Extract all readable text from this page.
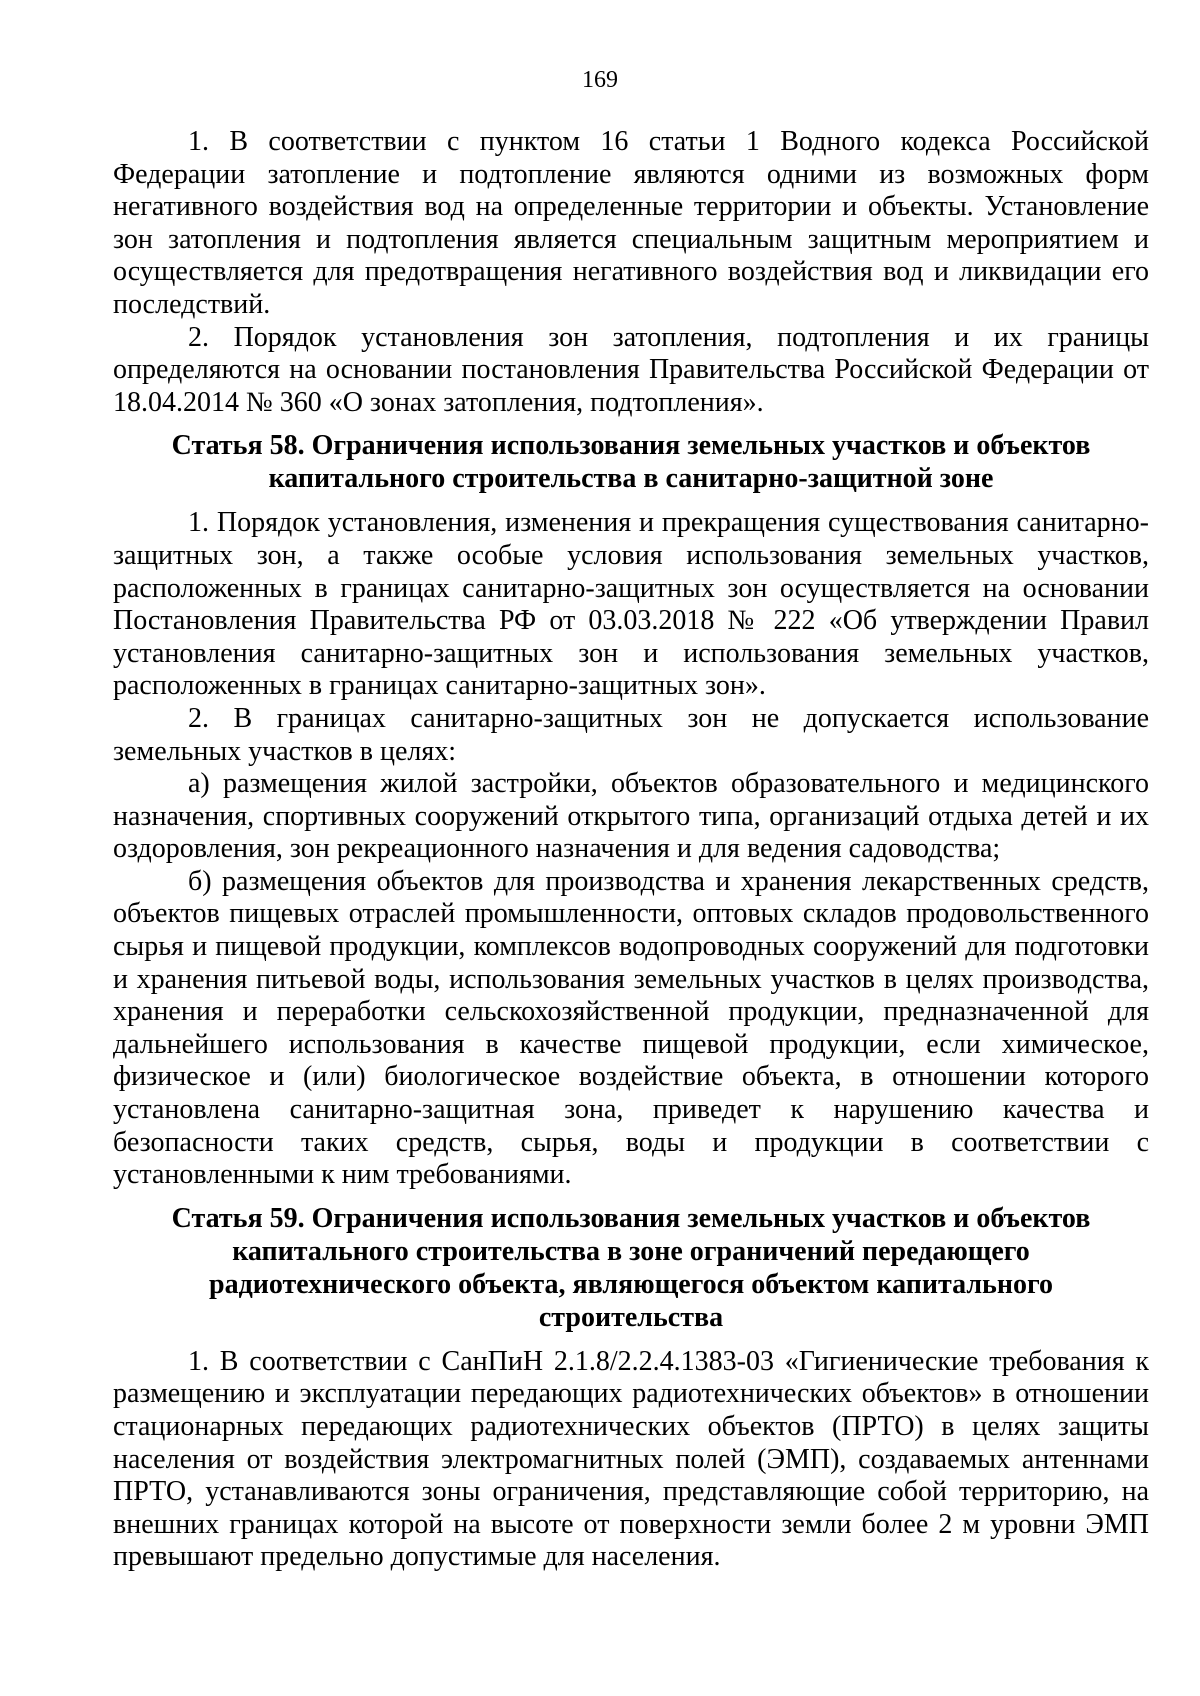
169

1. В соответствии с пунктом 16 статьи 1 Водного кодекса Российской Федерации затопление и подтопление являются одними из возможных форм негативного воздействия вод на определенные территории и объекты. Установление зон затопления и подтопления является специальным защитным мероприятием и осуществляется для предотвращения негативного воздействия вод и ликвидации его последствий.

2. Порядок установления зон затопления, подтопления и их границы определяются на основании постановления Правительства Российской Федерации от 18.04.2014 № 360 «О зонах затопления, подтопления».

Статья 58. Ограничения использования земельных участков и объектов
капитального строительства в санитарно-защитной зоне

1. Порядок установления, изменения и прекращения существования санитарно-защитных зон, а также особые условия использования земельных участков, расположенных в границах санитарно-защитных зон осуществляется на основании Постановления Правительства РФ от 03.03.2018 № 222 «Об утверждении Правил установления санитарно-защитных зон и использования земельных участков, расположенных в границах санитарно-защитных зон».

2. В границах санитарно-защитных зон не допускается использование земельных участков в целях:

а) размещения жилой застройки, объектов образовательного и медицинского назначения, спортивных сооружений открытого типа, организаций отдыха детей и их оздоровления, зон рекреационного назначения и для ведения садоводства;

б) размещения объектов для производства и хранения лекарственных средств, объектов пищевых отраслей промышленности, оптовых складов продовольственного сырья и пищевой продукции, комплексов водопроводных сооружений для подготовки и хранения питьевой воды, использования земельных участков в целях производства, хранения и переработки сельскохозяйственной продукции, предназначенной для дальнейшего использования в качестве пищевой продукции, если химическое, физическое и (или) биологическое воздействие объекта, в отношении которого установлена санитарно-защитная зона, приведет к нарушению качества и безопасности таких средств, сырья, воды и продукции в соответствии с установленными к ним требованиями.

Статья 59. Ограничения использования земельных участков и объектов
капитального строительства в зоне ограничений передающего
радиотехнического объекта, являющегося объектом капитального
строительства

1. В соответствии с СанПиН 2.1.8/2.2.4.1383-03 «Гигиенические требования к размещению и эксплуатации передающих радиотехнических объектов» в отношении стационарных передающих радиотехнических объектов (ПРТО) в целях защиты населения от воздействия электромагнитных полей (ЭМП), создаваемых антеннами ПРТО, устанавливаются зоны ограничения, представляющие собой территорию, на внешних границах которой на высоте от поверхности земли более 2 м уровни ЭМП превышают предельно допустимые для населения.
